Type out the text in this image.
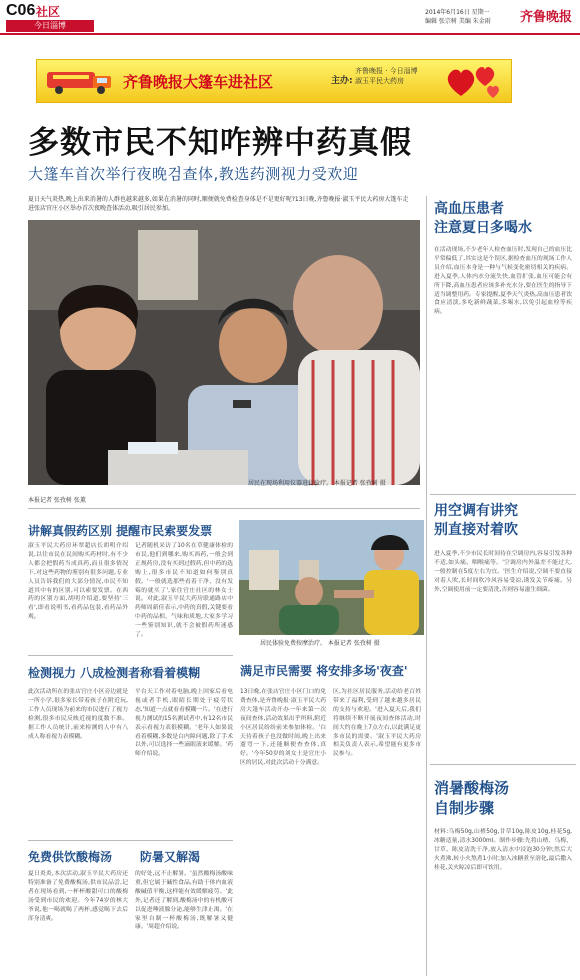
C06 社区
今日淄博
2014年6月16日 星期一
编辑 张宗树 美编 朱金雨 齐鲁晚报
齐鲁晚报大篷车进社区	主办:
齐鲁晚报 · 今日淄博
淑玉平民大药房
多数市民不知咋辨中药真假
大篷车首次举行夜晚검查体,教选药测视力受欢迎
夏日天气炎热,晚上出来消暑的人群也越来越多,如果在消暑的同时,顺便就免费检查身体是不是更好呢?13日晚,齐鲁晚报·淑玉平民大药房大篷车走进张店官庄小区举办首次夜晚查体活动,吸引居民参加。
居民在现场利用仪器进行验疗。 本报记者 张孜树 摄
本报记者 张孜树 张薰
讲解真假药区别 提醒市民索要发票
淑玉平民大药房环翠超店长胡明介绍说,以往市民在民间购买药材时,有不少人都会把假药当成真药,而且很多情况下,对这些药物的鉴别有很多问题,专业人员告诉我们的大部分情况,市民不知道其中有的区别,可以索要发票。在西药的区别方面,胡明介绍道,要坚持'三看',即看说明书,看药品包装,看药品外观。
记者随机采访了10名在草健康体检的市民,他们到哪来,购买西药,一般会到正规药房,没有买到过假药,但中药的选购上,很多市民不知道如何鉴别真假。'一般就选那些看着干净、没有发霉的就买了',家住官庄社区的林女士说。对此,淑玉平民大药房联通路店中药师周新佳表示,中药的真假,关键要看中药的品相、气味和质地,大家多学习一些鉴别知识,就不会被假药所迷惑了。
居民体验免费按摩治疗。 本报记者 张孜树 摄
检测视力 八成检测者称看着模糊
此次活动所在的张店官庄小区旁边就是一所小学,很多家长带着孩子在附近玩,工作人员现场为前来的市民进行了视力检测,很多市民反映近视的度数不准。据工作人员统计,前来检测的人中有八成人称看视力表模糊。
平台天工作对着电脑,晚上回家后看电视或者手机,眼睛长期处于疲劳状态,'知道一点就看看模糊一片。'在进行视力测试的15名测试者中,有12名市民表示看视力表很模糊。'老年人如果说看着模糊,多数是白内障问题,除了手术以外,可以选择一些滴眼液来缓解。'药师介绍说。
免费供饮酸梅汤
夏日炎炎,本次活动,淑玉平民大药房还特别准备了免费酸梅汤,供市民品尝,记者在现场看到,一杯杯酸甜可口的酸梅汤受到市民的欢迎。今年74岁的林大爷说,他一喝就喝了两杯,感觉喝下去后浑身清爽。
防暑又解渴
的好处,远不止解暑。'虽然酸梅汤酸味重,但它属于碱性食品,有助于体内血液酸碱值平衡,这样能有效缓解疲劳。'此外,记者还了解到,酸梅汤中的有机酸可以促进唾液腺分泌,能够生津止渴。'在家里自制一杯酸梅汤,既解暑又健康。'周超介绍说。
满足市民需要 将安排多场'夜查'
13日晚,在张店官庄小区门口的免费查体,是齐鲁晚报·淑玉平民大药房大篷车活动开办一年来第一次夜间查体,活动效果出乎所料,附近小区居民纷纷前来参加体检。'白天待着孩子也没做时间,晚上出来遛弯一下,还能顺便查查体,真好。'今年50岁的刘女士是官庄小区的居民,对此次活动十分满意。
区,为社区居民服务,活动给老百姓带来了福利,受到了越来越多居民的支持与欢迎。'进入夏天后,我们将继续不断开展夜间查体活动,时间大约在晚上7点左右,以此满足更多市民的需要。'淑玉平民大药房相关负责人表示,希望能有更多市民参与。
高血压患者
注意夏日多喝水
在活动现场,不少老年人检查血压时,发现自己的血压比平常偏低了,其实这是个误区,据检查血压的现场工作人员介绍,血压本身是一种与气候变化密切相关的疾病。进入夏季,人体内水分流失快,血管扩张,血压可能会有所下降,高血压患者应该多补充水分,要在医生的指导下适当调整用药。专家提醒,夏季天气炎热,高血压患者饮食应清淡,多吃新鲜蔬菜,多喝水,以免引起血栓等疾病。
用空调有讲究
别直接对着吹
进入夏季,不少市民长时间待在空调房内,容易引发各种不适,如头痛、咽喉痛等。'空调房内外温差不能过大,一般控制在5度左右为宜。'医生介绍说,空调不要直接对着人吹,长时间吹冷风容易受凉,诱发关节疼痛。另外,空调使用前一定要清洗,否则容易滋生细菌。
消暑酸梅汤
自制步骤
材料:乌梅50g,山楂50g,甘草10g,陈皮10g,桂花5g,冰糖适量,清水3000ml。制作步骤:先将山楂、乌梅、甘草、陈皮清洗干净,放入清水中浸泡30分钟;然后大火煮沸,转小火熬煮1小时;加入冰糖煮至溶化,最后撒入桂花,关火晾凉后即可饮用。
